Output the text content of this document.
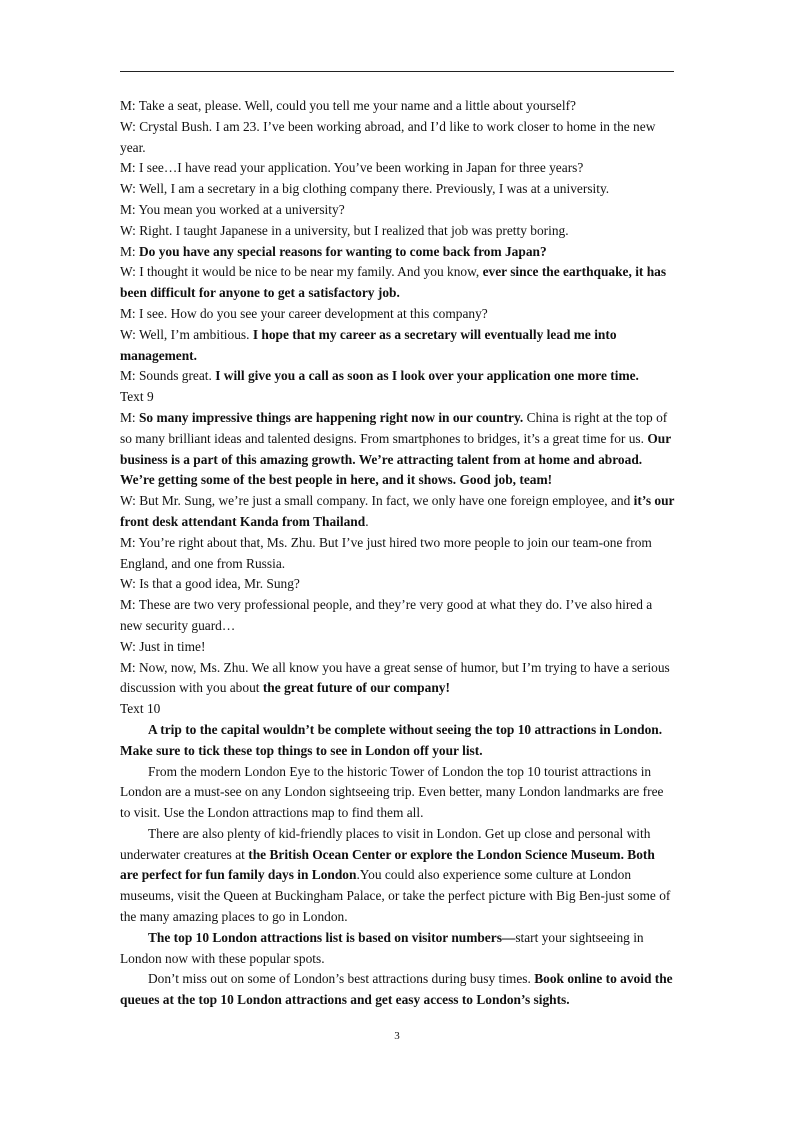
M: Take a seat, please. Well, could you tell me your name and a little about yourself?

W: Crystal Bush. I am 23. I’ve been working abroad, and I’d like to work closer to home in the new year.

M: I see…I have read your application. You’ve been working in Japan for three years?

W: Well, I am a secretary in a big clothing company there. Previously, I was at a university.

M: You mean you worked at a university?

W: Right. I taught Japanese in a university, but I realized that job was pretty boring.

M: Do you have any special reasons for wanting to come back from Japan?

W: I thought it would be nice to be near my family. And you know, ever since the earthquake, it has been difficult for anyone to get a satisfactory job.

M: I see. How do you see your career development at this company?

W: Well, I’m ambitious. I hope that my career as a secretary will eventually lead me into management.

M: Sounds great. I will give you a call as soon as I look over your application one more time.

Text 9

M: So many impressive things are happening right now in our country. China is right at the top of so many brilliant ideas and talented designs. From smartphones to bridges, it’s a great time for us. Our business is a part of this amazing growth. We’re attracting talent from at home and abroad. We’re getting some of the best people in here, and it shows. Good job, team!

W: But Mr. Sung, we’re just a small company. In fact, we only have one foreign employee, and it’s our front desk attendant Kanda from Thailand.

M: You’re right about that, Ms. Zhu. But I’ve just hired two more people to join our team-one from England, and one from Russia.

W: Is that a good idea, Mr. Sung?

M: These are two very professional people, and they’re very good at what they do. I’ve also hired a new security guard…

W: Just in time!

M: Now, now, Ms. Zhu. We all know you have a great sense of humor, but I’m trying to have a serious discussion with you about the great future of our company!

Text 10

A trip to the capital wouldn’t be complete without seeing the top 10 attractions in London. Make sure to tick these top things to see in London off your list.

From the modern London Eye to the historic Tower of London the top 10 tourist attractions in London are a must-see on any London sightseeing trip. Even better, many London landmarks are free to visit. Use the London attractions map to find them all.

There are also plenty of kid-friendly places to visit in London. Get up close and personal with underwater creatures at the British Ocean Center or explore the London Science Museum. Both are perfect for fun family days in London.You could also experience some culture at London museums, visit the Queen at Buckingham Palace, or take the perfect picture with Big Ben-just some of the many amazing places to go in London.

The top 10 London attractions list is based on visitor numbers—start your sightseeing in London now with these popular spots.

Don’t miss out on some of London’s best attractions during busy times. Book online to avoid the queues at the top 10 London attractions and get easy access to London’s sights.

3
